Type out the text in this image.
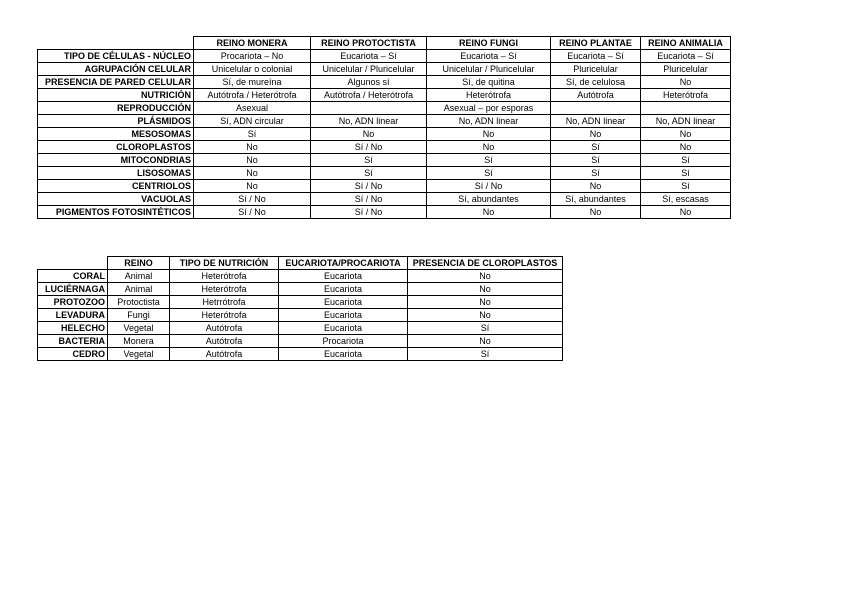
	REINO MONERA	REINO PROTOCTISTA	REINO FUNGI	REINO PLANTAE	REINO ANIMALIA
TIPO DE CÉLULAS - NÚCLEO	Procariota – No	Eucariota – Sí	Eucariota – Sí	Eucariota – Sí	Eucariota – Sí
AGRUPACIÓN CELULAR	Unicelular o colonial	Unicelular / Pluricelular	Unicelular / Pluricelular	Pluricelular	Pluricelular
PRESENCIA DE PARED CELULAR	Sí, de mureína	Algunos sí	Sí, de quitina	Sí, de celulosa	No
NUTRICIÓN	Autótrofa / Heterótrofa	Autótrofa / Heterótrofa	Heterótrofa	Autótrofa	Heterótrofa
REPRODUCCIÓN	Asexual		Asexual – por esporas		
PLÁSMIDOS	Sí, ADN circular	No, ADN linear	No, ADN linear	No, ADN linear	No, ADN linear
MESOSOMAS	Sí	No	No	No	No
CLOROPLASTOS	No	Sí / No	No	Sí	No
MITOCONDRIAS	No	Sí	Sí	Sí	Sí
LISOSOMAS	No	Sí	Sí	Sí	Sí
CENTRIOLOS	No	Sí / No	Sí / No	No	Sí
VACUOLAS	Sí / No	Sí / No	Sí, abundantes	Sí, abundantes	Sí, escasas
PIGMENTOS FOTOSINTÉTICOS	Sí / No	Sí / No	No	No	No
	REINO	TIPO DE NUTRICIÓN	EUCARIOTA/PROCARIOTA	PRESENCIA DE CLOROPLASTOS
CORAL	Animal	Heterótrofa	Eucariota	No
LUCIÉRNAGA	Animal	Heterótrofa	Eucariota	No
PROTOZOO	Protoctista	Hetrrótrofa	Eucariota	No
LEVADURA	Fungi	Heterótrofa	Eucariota	No
HELECHO	Vegetal	Autótrofa	Eucariota	Sí
BACTERIA	Monera	Autótrofa	Procariota	No
CEDRO	Vegetal	Autótrofa	Eucariota	Sí
